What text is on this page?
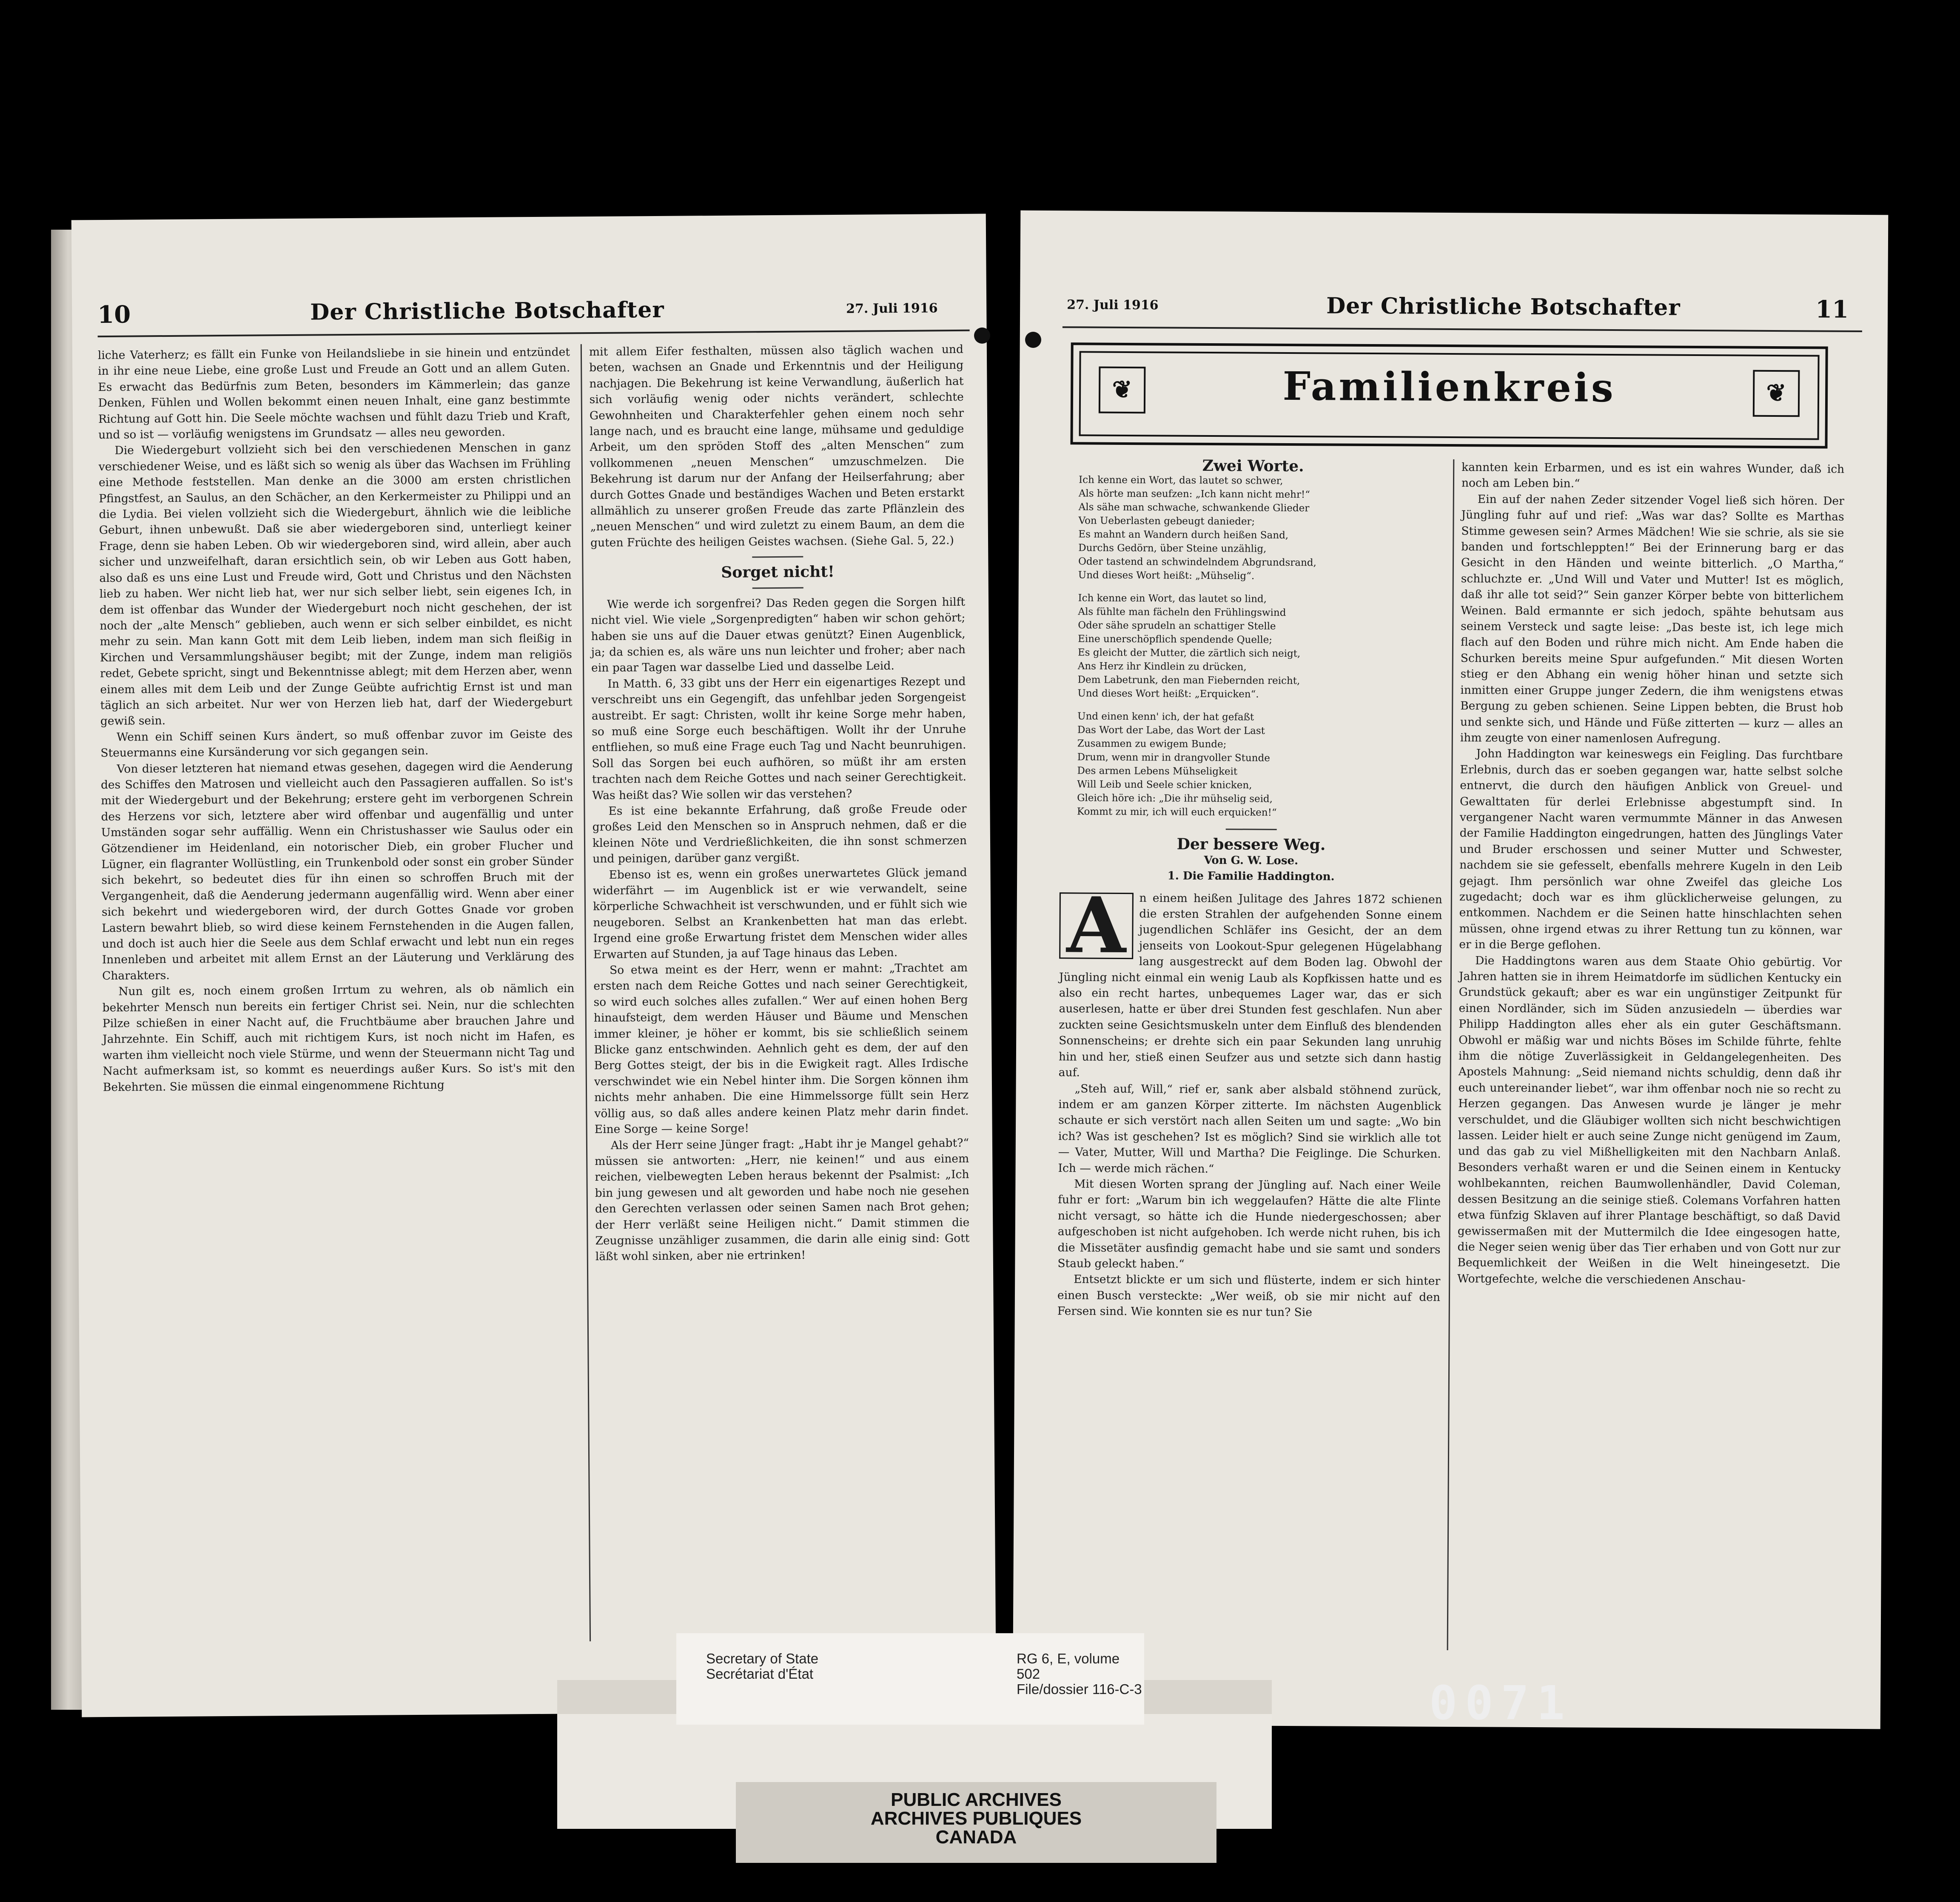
10	Der Christliche Botschafter	27. Juli 1916

liche Vaterherz; es fällt ein Funke von Heilandsliebe in sie hinein und entzündet in ihr eine neue Liebe, eine große Lust und Freude an Gott und an allem Guten. Es erwacht das Bedürfnis zum Beten, besonders im Kämmerlein; das ganze Denken, Fühlen und Wollen bekommt einen neuen Inhalt, eine ganz bestimmte Richtung auf Gott hin. Die Seele möchte wachsen und fühlt dazu Trieb und Kraft, und so ist — vorläufig wenigstens im Grundsatz — alles neu geworden.

Die Wiedergeburt vollzieht sich bei den verschiedenen Menschen in ganz verschiedener Weise, und es läßt sich so wenig als über das Wachsen im Frühling eine Methode feststellen. Man denke an die 3000 am ersten christlichen Pfingstfest, an Saulus, an den Schächer, an den Kerkermeister zu Philippi und an die Lydia. Bei vielen vollzieht sich die Wiedergeburt, ähnlich wie die leibliche Geburt, ihnen unbewußt. Daß sie aber wiedergeboren sind, unterliegt keiner Frage, denn sie haben Leben. Ob wir wiedergeboren sind, wird allein, aber auch sicher und unzweifelhaft, daran ersichtlich sein, ob wir Leben aus Gott haben, also daß es uns eine Lust und Freude wird, Gott und Christus und den Nächsten lieb zu haben. Wer nicht lieb hat, wer nur sich selber liebt, sein eigenes Ich, in dem ist offenbar das Wunder der Wiedergeburt noch nicht geschehen, der ist noch der „alte Mensch“ geblieben, auch wenn er sich selber einbildet, es nicht mehr zu sein. Man kann Gott mit dem Leib lieben, indem man sich fleißig in Kirchen und Versammlungshäuser begibt; mit der Zunge, indem man religiös redet, Gebete spricht, singt und Bekenntnisse ablegt; mit dem Herzen aber, wenn einem alles mit dem Leib und der Zunge Geübte aufrichtig Ernst ist und man täglich an sich arbeitet. Nur wer von Herzen lieb hat, darf der Wiedergeburt gewiß sein.

Wenn ein Schiff seinen Kurs ändert, so muß offenbar zuvor im Geiste des Steuermanns eine Kursänderung vor sich gegangen sein.

Von dieser letzteren hat niemand etwas gesehen, dagegen wird die Aenderung des Schiffes den Matrosen und vielleicht auch den Passagieren auffallen. So ist's mit der Wiedergeburt und der Bekehrung; erstere geht im verborgenen Schrein des Herzens vor sich, letztere aber wird offenbar und augenfällig und unter Umständen sogar sehr auffällig. Wenn ein Christushasser wie Saulus oder ein Götzendiener im Heidenland, ein notorischer Dieb, ein grober Flucher und Lügner, ein flagranter Wollüstling, ein Trunkenbold oder sonst ein grober Sünder sich bekehrt, so bedeutet dies für ihn einen so schroffen Bruch mit der Vergangenheit, daß die Aenderung jedermann augenfällig wird. Wenn aber einer sich bekehrt und wiedergeboren wird, der durch Gottes Gnade vor groben Lastern bewahrt blieb, so wird diese keinem Fernstehenden in die Augen fallen, und doch ist auch hier die Seele aus dem Schlaf erwacht und lebt nun ein reges Innenleben und arbeitet mit allem Ernst an der Läuterung und Verklärung des Charakters.

Nun gilt es, noch einem großen Irrtum zu wehren, als ob nämlich ein bekehrter Mensch nun bereits ein fertiger Christ sei. Nein, nur die schlechten Pilze schießen in einer Nacht auf, die Fruchtbäume aber brauchen Jahre und Jahrzehnte. Ein Schiff, auch mit richtigem Kurs, ist noch nicht im Hafen, es warten ihm vielleicht noch viele Stürme, und wenn der Steuermann nicht Tag und Nacht aufmerksam ist, so kommt es neuerdings außer Kurs. So ist's mit den Bekehrten. Sie müssen die einmal eingenommene Richtung

mit allem Eifer festhalten, müssen also täglich wachen und beten, wachsen an Gnade und Erkenntnis und der Heiligung nachjagen. Die Bekehrung ist keine Verwandlung, äußerlich hat sich vorläufig wenig oder nichts verändert, schlechte Gewohnheiten und Charakterfehler gehen einem noch sehr lange nach, und es braucht eine lange, mühsame und geduldige Arbeit, um den spröden Stoff des „alten Menschen“ zum vollkommenen „neuen Menschen“ umzuschmelzen. Die Bekehrung ist darum nur der Anfang der Heilserfahrung; aber durch Gottes Gnade und beständiges Wachen und Beten erstarkt allmählich zu unserer großen Freude das zarte Pflänzlein des „neuen Menschen“ und wird zuletzt zu einem Baum, an dem die guten Früchte des heiligen Geistes wachsen. (Siehe Gal. 5, 22.)

Sorget nicht!

Wie werde ich sorgenfrei? Das Reden gegen die Sorgen hilft nicht viel. Wie viele „Sorgenpredigten“ haben wir schon gehört; haben sie uns auf die Dauer etwas genützt? Einen Augenblick, ja; da schien es, als wäre uns nun leichter und froher; aber nach ein paar Tagen war dasselbe Lied und dasselbe Leid.

In Matth. 6, 33 gibt uns der Herr ein eigenartiges Rezept und verschreibt uns ein Gegengift, das unfehlbar jeden Sorgengeist austreibt. Er sagt: Christen, wollt ihr keine Sorge mehr haben, so muß eine Sorge euch beschäftigen. Wollt ihr der Unruhe entfliehen, so muß eine Frage euch Tag und Nacht beunruhigen. Soll das Sorgen bei euch aufhören, so müßt ihr am ersten trachten nach dem Reiche Gottes und nach seiner Gerechtigkeit. Was heißt das? Wie sollen wir das verstehen?

Es ist eine bekannte Erfahrung, daß große Freude oder großes Leid den Menschen so in Anspruch nehmen, daß er die kleinen Nöte und Verdrießlichkeiten, die ihn sonst schmerzen und peinigen, darüber ganz vergißt.

Ebenso ist es, wenn ein großes unerwartetes Glück jemand widerfährt — im Augenblick ist er wie verwandelt, seine körperliche Schwachheit ist verschwunden, und er fühlt sich wie neugeboren. Selbst an Krankenbetten hat man das erlebt. Irgend eine große Erwartung fristet dem Menschen wider alles Erwarten auf Stunden, ja auf Tage hinaus das Leben.

So etwa meint es der Herr, wenn er mahnt: „Trachtet am ersten nach dem Reiche Gottes und nach seiner Gerechtigkeit, so wird euch solches alles zufallen.“ Wer auf einen hohen Berg hinaufsteigt, dem werden Häuser und Bäume und Menschen immer kleiner, je höher er kommt, bis sie schließlich seinem Blicke ganz entschwinden. Aehnlich geht es dem, der auf den Berg Gottes steigt, der bis in die Ewigkeit ragt. Alles Irdische verschwindet wie ein Nebel hinter ihm. Die Sorgen können ihm nichts mehr anhaben. Die eine Himmelssorge füllt sein Herz völlig aus, so daß alles andere keinen Platz mehr darin findet. Eine Sorge — keine Sorge!

Als der Herr seine Jünger fragt: „Habt ihr je Mangel gehabt?“ müssen sie antworten: „Herr, nie keinen!“ und aus einem reichen, vielbewegten Leben heraus bekennt der Psalmist: „Ich bin jung gewesen und alt geworden und habe noch nie gesehen den Gerechten verlassen oder seinen Samen nach Brot gehen; der Herr verläßt seine Heiligen nicht.“ Damit stimmen die Zeugnisse unzähliger zusammen, die darin alle einig sind: Gott läßt wohl sinken, aber nie ertrinken!

27. Juli 1916	Der Christliche Botschafter	11
❦	❦
Familienkreis

Zwei Worte.

Ich kenne ein Wort, das lautet so schwer,
Als hörte man seufzen: „Ich kann nicht mehr!“
Als sähe man schwache, schwankende Glieder
Von Ueberlasten gebeugt danieder;
Es mahnt an Wandern durch heißen Sand,
Durchs Gedörn, über Steine unzählig,
Oder tastend an schwindelndem Abgrundsrand,
Und dieses Wort heißt: „Mühselig“.
Ich kenne ein Wort, das lautet so lind,
Als fühlte man fächeln den Frühlingswind
Oder sähe sprudeln an schattiger Stelle
Eine unerschöpflich spendende Quelle;
Es gleicht der Mutter, die zärtlich sich neigt,
Ans Herz ihr Kindlein zu drücken,
Dem Labetrunk, den man Fiebernden reicht,
Und dieses Wort heißt: „Erquicken“.
Und einen kenn' ich, der hat gefaßt
Das Wort der Labe, das Wort der Last
Zusammen zu ewigem Bunde;
Drum, wenn mir in drangvoller Stunde
Des armen Lebens Mühseligkeit
Will Leib und Seele schier knicken,
Gleich höre ich: „Die ihr mühselig seid,
Kommt zu mir, ich will euch erquicken!“

Der bessere Weg.

Von G. W. Lose.

1. Die Familie Haddington.

A	n einem heißen Julitage des Jahres 1872 schienen die ersten Strahlen der aufgehenden Sonne einem jugendlichen Schläfer ins Gesicht, der an dem jenseits von Lookout-Spur gelegenen Hügelabhang lang ausgestreckt auf dem Boden lag. Obwohl der Jüngling nicht einmal ein wenig Laub als Kopfkissen hatte und es also ein recht hartes, unbequemes Lager war, das er sich auserlesen, hatte er über drei Stunden fest geschlafen. Nun aber zuckten seine Gesichtsmuskeln unter dem Einfluß des blendenden Sonnenscheins; er drehte sich ein paar Sekunden lang unruhig hin und her, stieß einen Seufzer aus und setzte sich dann hastig auf.

„Steh auf, Will,“ rief er, sank aber alsbald stöhnend zurück, indem er am ganzen Körper zitterte. Im nächsten Augenblick schaute er sich verstört nach allen Seiten um und sagte: „Wo bin ich? Was ist geschehen? Ist es möglich? Sind sie wirklich alle tot — Vater, Mutter, Will und Martha? Die Feiglinge. Die Schurken. Ich — werde mich rächen.“

Mit diesen Worten sprang der Jüngling auf. Nach einer Weile fuhr er fort: „Warum bin ich weggelaufen? Hätte die alte Flinte nicht versagt, so hätte ich die Hunde niedergeschossen; aber aufgeschoben ist nicht aufgehoben. Ich werde nicht ruhen, bis ich die Missetäter ausfindig gemacht habe und sie samt und sonders Staub geleckt haben.“

Entsetzt blickte er um sich und flüsterte, indem er sich hinter einen Busch versteckte: „Wer weiß, ob sie mir nicht auf den Fersen sind. Wie konnten sie es nur tun? Sie

kannten kein Erbarmen, und es ist ein wahres Wunder, daß ich noch am Leben bin.“

Ein auf der nahen Zeder sitzender Vogel ließ sich hören. Der Jüngling fuhr auf und rief: „Was war das? Sollte es Marthas Stimme gewesen sein? Armes Mädchen! Wie sie schrie, als sie sie banden und fortschleppten!“ Bei der Erinnerung barg er das Gesicht in den Händen und weinte bitterlich. „O Martha,“ schluchzte er. „Und Will und Vater und Mutter! Ist es möglich, daß ihr alle tot seid?“ Sein ganzer Körper bebte von bitterlichem Weinen. Bald ermannte er sich jedoch, spähte behutsam aus seinem Versteck und sagte leise: „Das beste ist, ich lege mich flach auf den Boden und rühre mich nicht. Am Ende haben die Schurken bereits meine Spur aufgefunden.“ Mit diesen Worten stieg er den Abhang ein wenig höher hinan und setzte sich inmitten einer Gruppe junger Zedern, die ihm wenigstens etwas Bergung zu geben schienen. Seine Lippen bebten, die Brust hob und senkte sich, und Hände und Füße zitterten — kurz — alles an ihm zeugte von einer namenlosen Aufregung.

John Haddington war keineswegs ein Feigling. Das furchtbare Erlebnis, durch das er soeben gegangen war, hatte selbst solche entnervt, die durch den häufigen Anblick von Greuel- und Gewalttaten für derlei Erlebnisse abgestumpft sind. In vergangener Nacht waren vermummte Männer in das Anwesen der Familie Haddington eingedrungen, hatten des Jünglings Vater und Bruder erschossen und seiner Mutter und Schwester, nachdem sie sie gefesselt, ebenfalls mehrere Kugeln in den Leib gejagt. Ihm persönlich war ohne Zweifel das gleiche Los zugedacht; doch war es ihm glücklicherweise gelungen, zu entkommen. Nachdem er die Seinen hatte hinschlachten sehen müssen, ohne irgend etwas zu ihrer Rettung tun zu können, war er in die Berge geflohen.

Die Haddingtons waren aus dem Staate Ohio gebürtig. Vor Jahren hatten sie in ihrem Heimatdorfe im südlichen Kentucky ein Grundstück gekauft; aber es war ein ungünstiger Zeitpunkt für einen Nordländer, sich im Süden anzusiedeln — überdies war Philipp Haddington alles eher als ein guter Geschäftsmann. Obwohl er mäßig war und nichts Böses im Schilde führte, fehlte ihm die nötige Zuverlässigkeit in Geldangelegenheiten. Des Apostels Mahnung: „Seid niemand nichts schuldig, denn daß ihr euch untereinander liebet“, war ihm offenbar noch nie so recht zu Herzen gegangen. Das Anwesen wurde je länger je mehr verschuldet, und die Gläubiger wollten sich nicht beschwichtigen lassen. Leider hielt er auch seine Zunge nicht genügend im Zaum, und das gab zu viel Mißhelligkeiten mit den Nachbarn Anlaß. Besonders verhaßt waren er und die Seinen einem in Kentucky wohlbekannten, reichen Baumwollenhändler, David Coleman, dessen Besitzung an die seinige stieß. Colemans Vorfahren hatten etwa fünfzig Sklaven auf ihrer Plantage beschäftigt, so daß David gewissermaßen mit der Muttermilch die Idee eingesogen hatte, die Neger seien wenig über das Tier erhaben und von Gott nur zur Bequemlichkeit der Weißen in die Welt hineingesetzt. Die Wortgefechte, welche die verschiedenen Anschau-

Secretary of State
Secrétariat d'État
RG 6, E, volume 502
File/dossier 116-C-3
PUBLIC ARCHIVES
ARCHIVES PUBLIQUES
CANADA
0071
